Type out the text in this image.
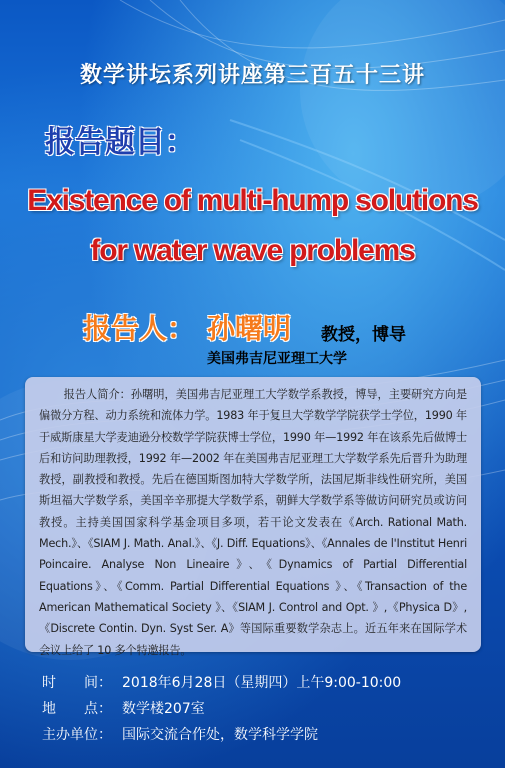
数学讲坛系列讲座第三百五十三讲
报告题目：
Existence of multi-hump solutions
for water wave problems
报告人： 孙曙明 教授，博导
美国弗吉尼亚理工大学
报告人简介：孙曙明，美国弗吉尼亚理工大学数学系教授，博导，主要研究方向是偏微分方程、动力系统和流体力学。1983 年于复旦大学数学学院获学士学位，1990 年于威斯康星大学麦迪逊分校数学学院获博士学位，1990 年—1992 年在该系先后做博士后和访问助理教授，1992 年—2002 年在美国弗吉尼亚理工大学数学系先后晋升为助理教授，副教授和教授。先后在德国斯图加特大学数学所，法国尼斯非线性研究所，美国斯坦福大学数学系，美国辛辛那提大学数学系，朝鲜大学数学系等做访问研究员或访问教授。主持美国国家科学基金项目多项，若干论文发表在《Arch. Rational Math. Mech.》、《SIAM J. Math. Anal.》、《J. Diff. Equations》、《Annales de l'Institut Henri Poincaire. Analyse Non Lineaire》、《Dynamics of Partial Differential Equations》、《Comm. Partial Differential Equations 》、《Transaction of the American Mathematical Society 》、《SIAM J. Control and Opt. 》,《Physica D》,《Discrete Contin. Dyn. Syst Ser. A》等国际重要数学杂志上。近五年来在国际学术会议上给了 10 多个特邀报告。
时　　间： 2018年6月28日（星期四）上午9:00-10:00
地　　点： 数学楼207室
主办单位： 国际交流合作处，数学科学学院
